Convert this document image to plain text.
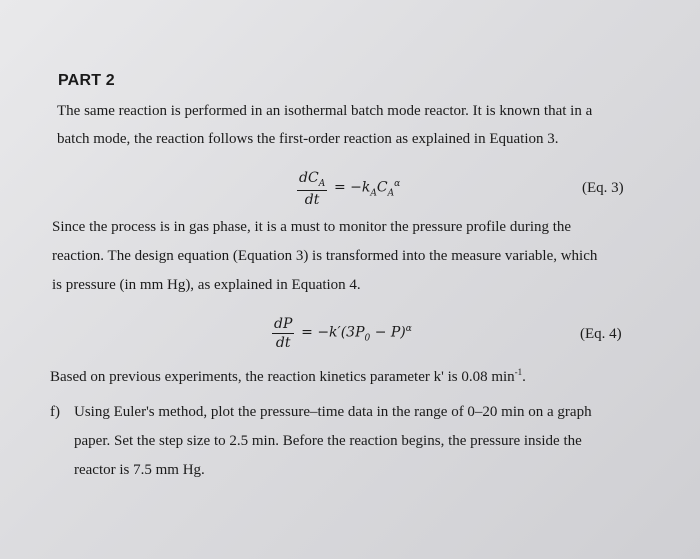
PART 2
The same reaction is performed in an isothermal batch mode reactor. It is known that in a
batch mode, the reaction follows the first-order reaction as explained in Equation 3.
$\frac{dC_A}{dt} = -k_AC_A^\alpha$	(Eq. 3)
Since the process is in gas phase, it is a must to monitor the pressure profile during the
reaction. The design equation (Equation 3) is transformed into the measure variable, which
is pressure (in mm Hg), as explained in Equation 4.
$\frac{dP}{dt} = -k'(3P_0 - P)^\alpha$	(Eq. 4)
Based on previous experiments, the reaction kinetics parameter k' is 0.08 $\min^{-1}$.
f) Using Euler's method, plot the pressure–time data in the range of 0–20 min on a graph
paper. Set the step size to 2.5 min. Before the reaction begins, the pressure inside the
reactor is 7.5 mm Hg.
